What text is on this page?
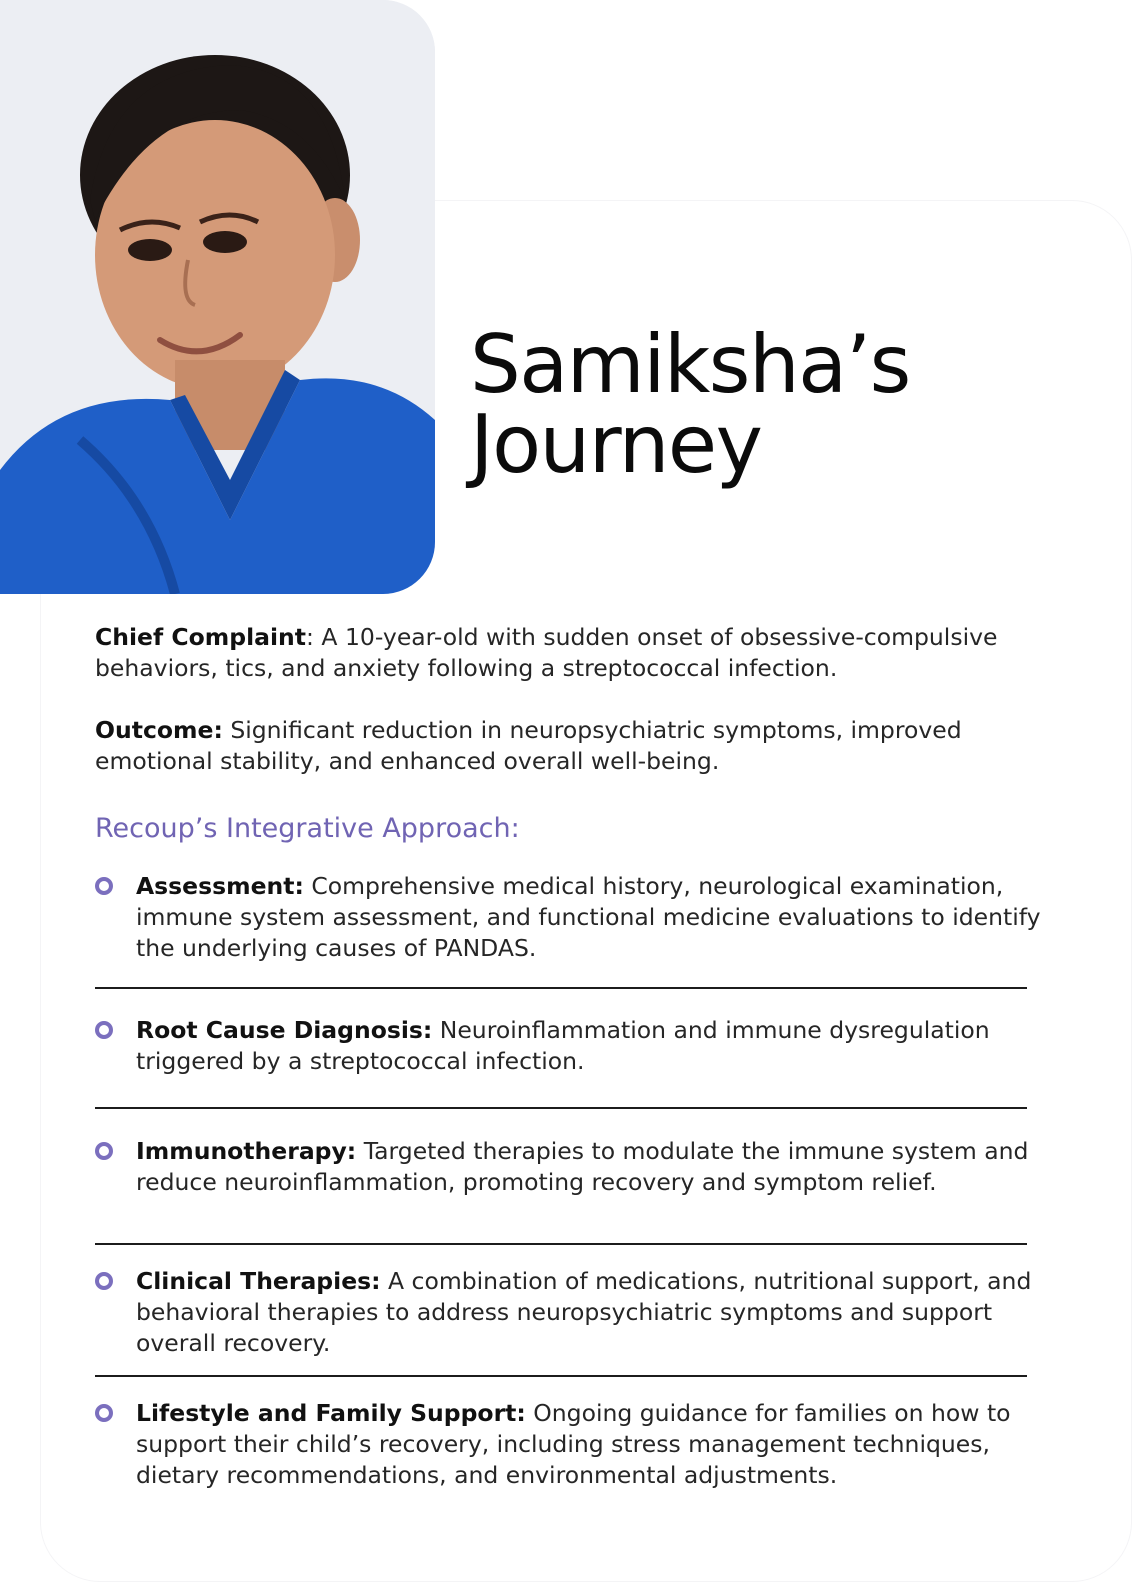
Samiksha’s
Journey

Chief Complaint: A 10-year-old with sudden onset of obsessive-compulsive behaviors, tics, and anxiety following a streptococcal infection.

Outcome: Significant reduction in neuropsychiatric symptoms, improved emotional stability, and enhanced overall well-being.

Recoup’s Integrative Approach:

Assessment: Comprehensive medical history, neurological examination, immune system assessment, and functional medicine evaluations to identify the underlying causes of PANDAS.

Root Cause Diagnosis: Neuroinflammation and immune dysregulation triggered by a streptococcal infection.

Immunotherapy: Targeted therapies to modulate the immune system and reduce neuroinflammation, promoting recovery and symptom relief.

Clinical Therapies: A combination of medications, nutritional support, and behavioral therapies to address neuropsychiatric symptoms and support overall recovery.

Lifestyle and Family Support: Ongoing guidance for families on how to support their child’s recovery, including stress management techniques, dietary recommendations, and environmental adjustments.
